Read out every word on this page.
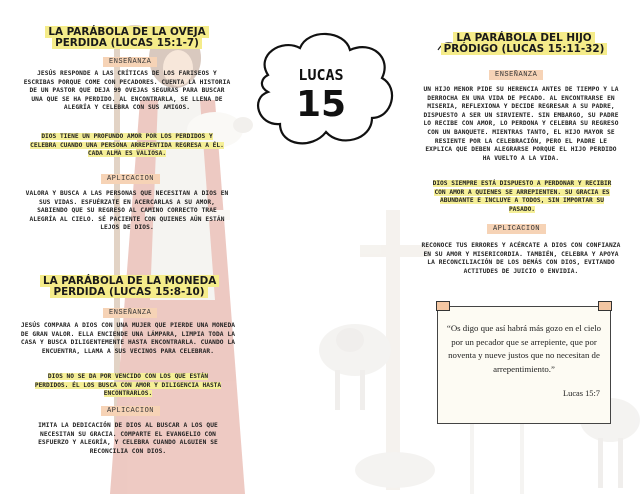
LUCAS
15
LA PARÁBOLA DE LA OVEJA PERDIDA (LUCAS 15:1-7)
ENSEÑANZA
JESÚS RESPONDE A LAS CRÍTICAS DE LOS FARISEOS Y ESCRIBAS PORQUE COME CON PECADORES. CUENTA LA HISTORIA DE UN PASTOR QUE DEJA 99 OVEJAS SEGURAS PARA BUSCAR UNA QUE SE HA PERDIDO. AL ENCONTRARLA, SE LLENA DE ALEGRÍA Y CELEBRA CON SUS AMIGOS.
DIOS TIENE UN PROFUNDO AMOR POR LOS PERDIDOS Y CELEBRA CUANDO UNA PERSONA ARREPENTIDA REGRESA A ÉL. CADA ALMA ES VALIOSA.
APLICACION
VALORA Y BUSCA A LAS PERSONAS QUE NECESITAN A DIOS EN SUS VIDAS. ESFUÉRZATE EN ACERCARLAS A SU AMOR, SABIENDO QUE SU REGRESO AL CAMINO CORRECTO TRAE ALEGRÍA AL CIELO. SÉ PACIENTE CON QUIENES AÚN ESTÁN LEJOS DE DIOS.
LA PARÁBOLA DE LA MONEDA PERDIDA (LUCAS 15:8-10)
ENSEÑANZA
JESÚS COMPARA A DIOS CON UNA MUJER QUE PIERDE UNA MONEDA DE GRAN VALOR. ELLA ENCIENDE UNA LÁMPARA, LIMPIA TODA LA CASA Y BUSCA DILIGENTEMENTE HASTA ENCONTRARLA. CUANDO LA ENCUENTRA, LLAMA A SUS VECINOS PARA CELEBRAR.
DIOS NO SE DA POR VENCIDO CON LOS QUE ESTÁN PERDIDOS. ÉL LOS BUSCA CON AMOR Y DILIGENCIA HASTA ENCONTRARLOS.
APLICACION
IMITA LA DEDICACIÓN DE DIOS AL BUSCAR A LOS QUE NECESITAN SU GRACIA. COMPARTE EL EVANGELIO CON ESFUERZO Y ALEGRÍA, Y CELEBRA CUANDO ALGUIEN SE RECONCILIA CON DIOS.
LA PARÁBOLA DEL HIJO PRÓDIGO (LUCAS 15:11-32)
ENSEÑANZA
UN HIJO MENOR PIDE SU HERENCIA ANTES DE TIEMPO Y LA DERROCHA EN UNA VIDA DE PECADO. AL ENCONTRARSE EN MISERIA, REFLEXIONA Y DECIDE REGRESAR A SU PADRE, DISPUESTO A SER UN SIRVIENTE. SIN EMBARGO, SU PADRE LO RECIBE CON AMOR, LO PERDONA Y CELEBRA SU REGRESO CON UN BANQUETE. MIENTRAS TANTO, EL HIJO MAYOR SE RESIENTE POR LA CELEBRACIÓN, PERO EL PADRE LE EXPLICA QUE DEBEN ALEGRARSE PORQUE EL HIJO PERDIDO HA VUELTO A LA VIDA.
DIOS SIEMPRE ESTÁ DISPUESTO A PERDONAR Y RECIBIR CON AMOR A QUIENES SE ARREPIENTEN. SU GRACIA ES ABUNDANTE E INCLUYE A TODOS, SIN IMPORTAR SU PASADO.
APLICACION
RECONOCE TUS ERRORES Y ACÉRCATE A DIOS CON CONFIANZA EN SU AMOR Y MISERICORDIA. TAMBIÉN, CELEBRA Y APOYA LA RECONCILIACIÓN DE LOS DEMÁS CON DIOS, EVITANDO ACTITUDES DE JUICIO O ENVIDIA.
“Os digo que así habrá más gozo en el cielo por un pecador que se arrepiente, que por noventa y nueve justos que no necesitan de arrepentimiento.”
Lucas 15:7
